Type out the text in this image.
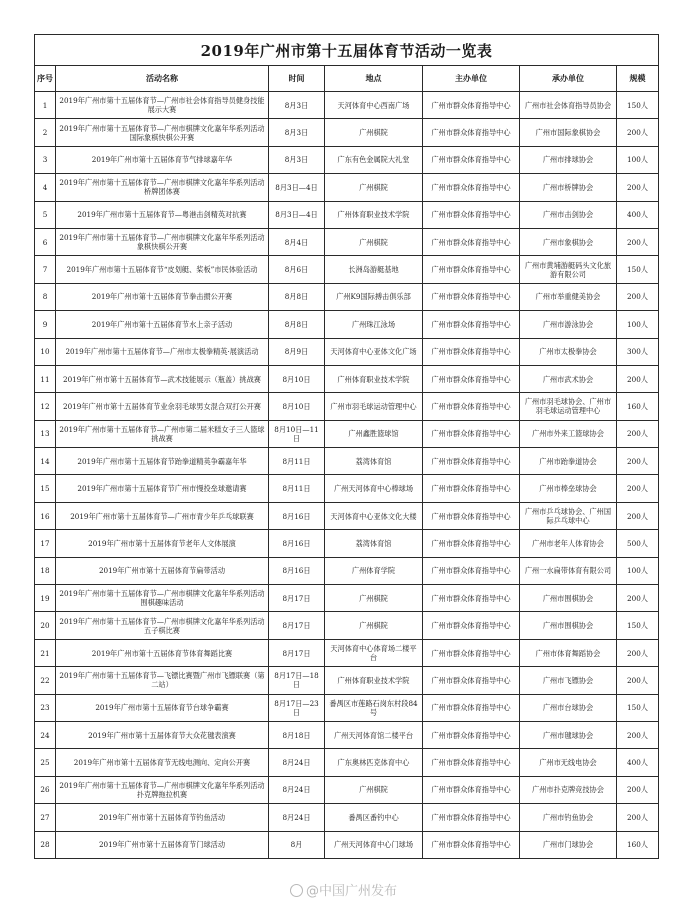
2019年广州市第十五届体育节活动一览表						
序号	活动名称	时间	地点	主办单位	承办单位	规模
1	2019年广州市第十五届体育节—广州市社会体育指导员健身技能展示大赛	8月3日	天河体育中心西南广场	广州市群众体育指导中心	广州市社会体育指导员协会	150人
2	2019年广州市第十五届体育节—广州市棋牌文化嘉年华系列活动国际象棋快棋公开赛	8月3日	广州棋院	广州市群众体育指导中心	广州市国际象棋协会	200人
3	2019年广州市第十五届体育节气排球嘉年华	8月3日	广东有色金属院大礼堂	广州市群众体育指导中心	广州市排球协会	100人
4	2019年广州市第十五届体育节—广州市棋牌文化嘉年华系列活动桥牌团体赛	8月3日—4日	广州棋院	广州市群众体育指导中心	广州市桥牌协会	200人
5	2019年广州市第十五届体育节—粤港击剑精英对抗赛	8月3日—4日	广州体育职业技术学院	广州市群众体育指导中心	广州市击剑协会	400人
6	2019年广州市第十五届体育节—广州市棋牌文化嘉年华系列活动象棋快棋公开赛	8月4日	广州棋院	广州市群众体育指导中心	广州市象棋协会	200人
7	2019年广州市第十五届体育节“皮划艇、桨板”市民体验活动	8月6日	长洲岛游艇基地	广州市群众体育指导中心	广州市黄埔游艇码头文化旅游有限公司	150人
8	2019年广州市第十五届体育节拳击掼公开赛	8月8日	广州K9国际搏击俱乐部	广州市群众体育指导中心	广州市举重健美协会	200人
9	2019年广州市第十五届体育节水上亲子活动	8月8日	广州珠江泳场	广州市群众体育指导中心	广州市游泳协会	100人
10	2019年广州市第十五届体育节—广州市太极拳精英·展演活动	8月9日	天河体育中心亚体文化广场	广州市群众体育指导中心	广州市太极拳协会	300人
11	2019年广州市第十五届体育节—武术技能展示（瓶盖）挑战赛	8月10日	广州体育职业技术学院	广州市群众体育指导中心	广州市武术协会	200人
12	2019年广州市第十五届体育节业余羽毛球男女混合双打公开赛	8月10日	广州市羽毛球运动管理中心	广州市群众体育指导中心	广州市羽毛球协会、广州市羽毛球运动管理中心	160人
13	2019年广州市第十五届体育节—广州市第二届米糕女子三人篮球挑战赛	8月10日—11日	广州鑫胜篮球馆	广州市群众体育指导中心	广州市外来工篮球协会	200人
14	2019年广州市第十五届体育节跆拳道精英争霸嘉年华	8月11日	荔湾体育馆	广州市群众体育指导中心	广州市跆拳道协会	200人
15	2019年广州市第十五届体育节广州市慢投垒球邀请赛	8月11日	广州天河体育中心棒球场	广州市群众体育指导中心	广州市棒垒球协会	200人
16	2019年广州市第十五届体育节—广州市青少年乒乓球联赛	8月16日	天河体育中心亚体文化大楼	广州市群众体育指导中心	广州市乒乓球协会、广州国际乒乓球中心	200人
17	2019年广州市第十五届体育节老年人文体展演	8月16日	荔湾体育馆	广州市群众体育指导中心	广州市老年人体育协会	500人
18	2019年广州市第十五届体育节扁带活动	8月16日	广州体育学院	广州市群众体育指导中心	广州一水扁带体育有限公司	100人
19	2019年广州市第十五届体育节—广州市棋牌文化嘉年华系列活动围棋趣味活动	8月17日	广州棋院	广州市群众体育指导中心	广州市围棋协会	200人
20	2019年广州市第十五届体育节—广州市棋牌文化嘉年华系列活动五子棋比赛	8月17日	广州棋院	广州市群众体育指导中心	广州市围棋协会	150人
21	2019年广州市第十五届体育节体育舞蹈比赛	8月17日	天河体育中心体育场二楼平台	广州市群众体育指导中心	广州市体育舞蹈协会	200人
22	2019年广州市第十五届体育节—飞镖比赛暨广州市飞镖联赛（第二站）	8月17日—18日	广州体育职业技术学院	广州市群众体育指导中心	广州市飞镖协会	200人
23	2019年广州市第十五届体育节台球争霸赛	8月17日—23日	番禺区市莲路石岗东村段84号	广州市群众体育指导中心	广州市台球协会	150人
24	2019年广州市第十五届体育节大众花毽表演赛	8月18日	广州天河体育馆二楼平台	广州市群众体育指导中心	广州市毽球协会	200人
25	2019年广州市第十五届体育节无线电测向、定向公开赛	8月24日	广东奥林匹克体育中心	广州市群众体育指导中心	广州市无线电协会	400人
26	2019年广州市第十五届体育节—广州市棋牌文化嘉年华系列活动扑克牌拖拉机赛	8月24日	广州棋院	广州市群众体育指导中心	广州市扑克牌竞技协会	200人
27	2019年广州市第十五届体育节钓鱼活动	8月24日	番禺区番钓中心	广州市群众体育指导中心	广州市钓鱼协会	200人
28	2019年广州市第十五届体育节门球活动	8月	广州天河体育中心门球场	广州市群众体育指导中心	广州市门球协会	160人
@中国广州发布
